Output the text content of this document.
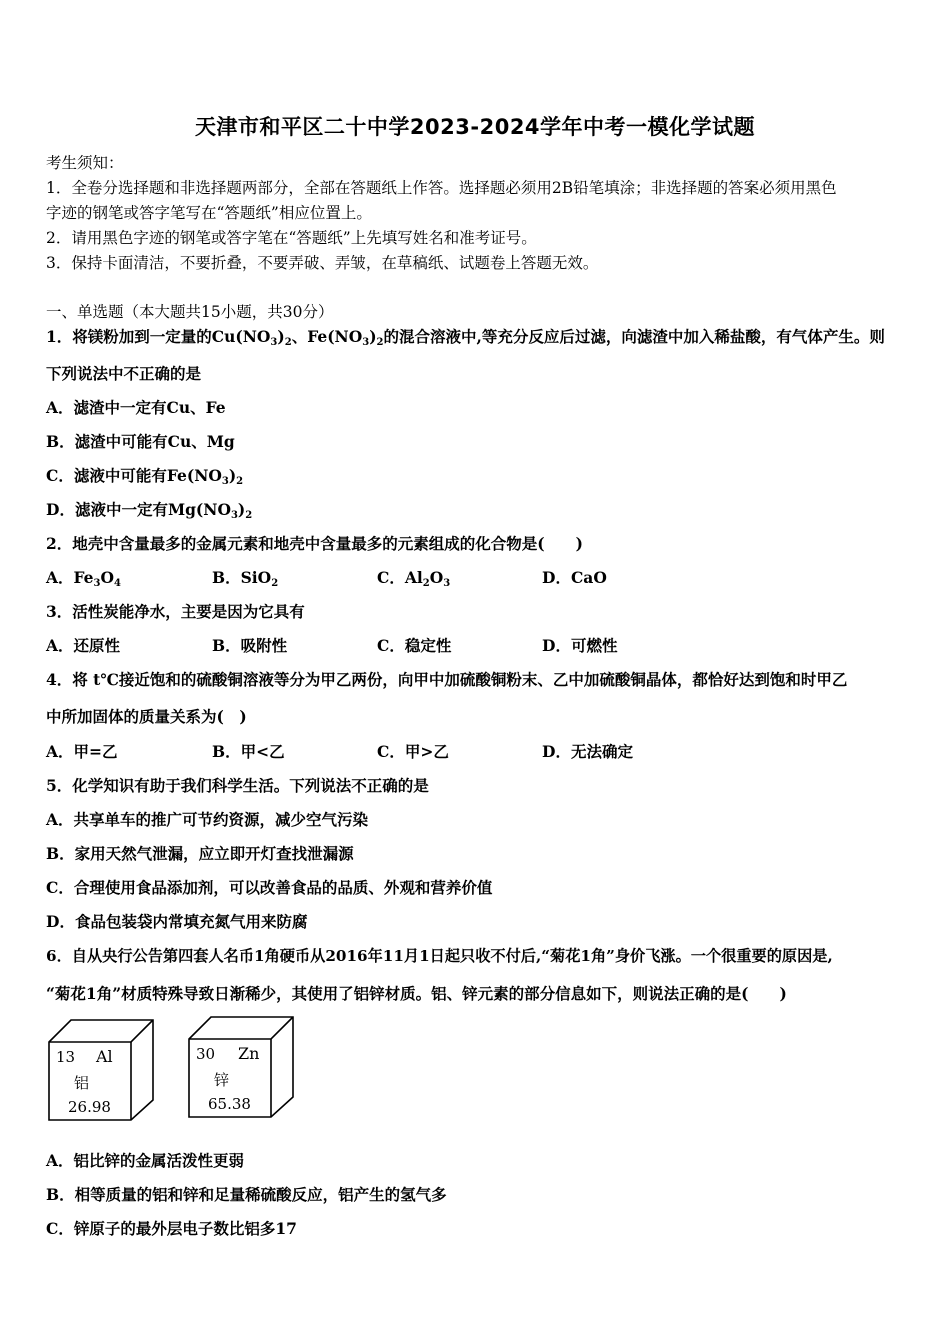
天津市和平区二十中学2023-2024学年中考一模化学试题
考生须知：
1．全卷分选择题和非选择题两部分，全部在答题纸上作答。选择题必须用2B铅笔填涂；非选择题的答案必须用黑色
字迹的钢笔或答字笔写在“答题纸”相应位置上。
2．请用黑色字迹的钢笔或答字笔在“答题纸”上先填写姓名和准考证号。
3．保持卡面清洁，不要折叠，不要弄破、弄皱，在草稿纸、试题卷上答题无效。
一、单选题（本大题共15小题，共30分）
1．将镁粉加到一定量的$Cu(NO_3)_2$、$Fe(NO_3)_2$的混合溶液中,等充分反应后过滤，向滤渣中加入稀盐酸，有气体产生。则
下列说法中不正确的是
A．滤渣中一定有Cu、Fe
B．滤渣中可能有Cu、Mg
C．滤液中可能有$Fe(NO_3)_2$
D．滤液中一定有$Mg(NO_3)_2$
2．地壳中含量最多的金属元素和地壳中含量最多的元素组成的化合物是(　　)
A．$Fe_3O_4$	B．SiO$_2$	C．$Al_2O_3$	D．CaO
3．活性炭能净水，主要是因为它具有
A．还原性	B．吸附性	C．稳定性	D．可燃性
4．将 t℃接近饱和的硫酸铜溶液等分为甲乙两份，向甲中加硫酸铜粉末、乙中加硫酸铜晶体，都恰好达到饱和时甲乙
中所加固体的质量关系为(　)
A．甲=乙	B．甲<乙	C．甲>乙	D．无法确定
5．化学知识有助于我们科学生活。下列说法不正确的是
A．共享单车的推广可节约资源，减少空气污染
B．家用天然气泄漏，应立即开灯查找泄漏源
C．合理使用食品添加剂，可以改善食品的品质、外观和营养价值
D．食品包装袋内常填充氮气用来防腐
6．自从央行公告第四套人名币1角硬币从2016年11月1日起只收不付后,“菊花1角”身价飞涨。一个很重要的原因是,
“菊花1角”材质特殊导致日渐稀少，其使用了铝锌材质。铝、锌元素的部分信息如下，则说法正确的是(　　)
13 Al
铝
26.98
30 Zn
锌
65.38
A．铝比锌的金属活泼性更弱
B．相等质量的铝和锌和足量稀硫酸反应，铝产生的氢气多
C．锌原子的最外层电子数比铝多17
